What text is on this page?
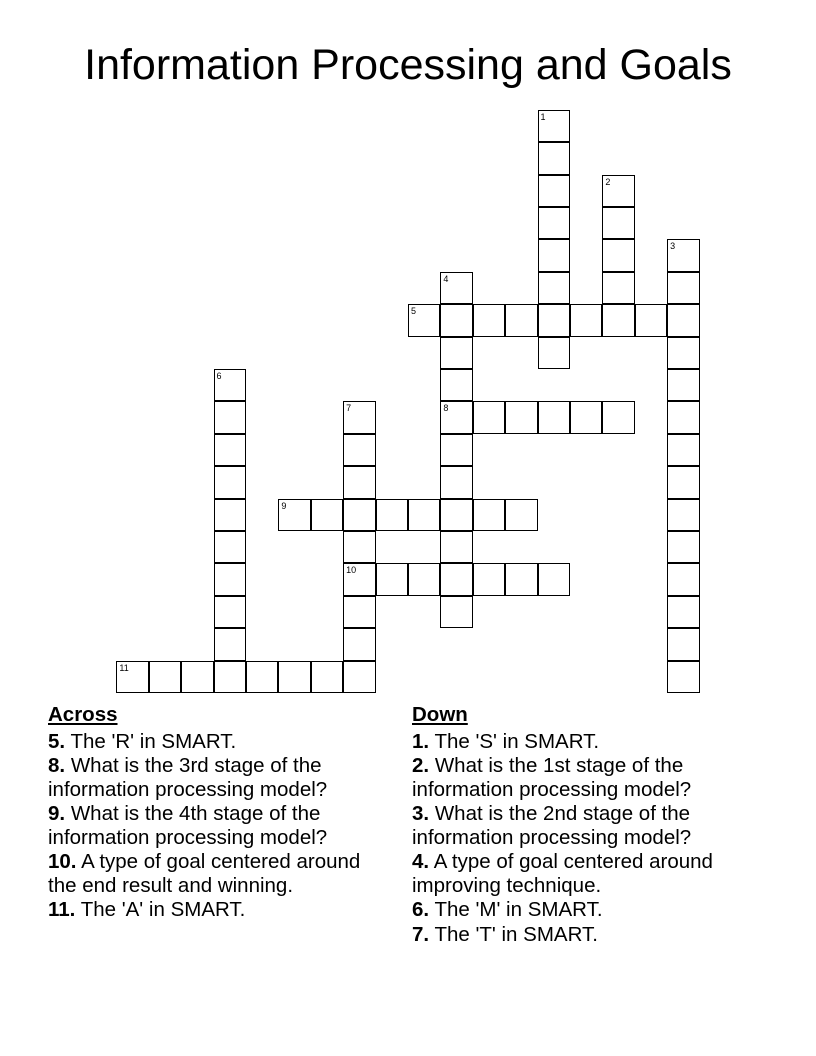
Information Processing and Goals
1
2
3
4
8
5
6
7
10
9
11
Across
5. The 'R' in SMART.
8. What is the 3rd stage of the information processing model?
9. What is the 4th stage of the information processing model?
10. A type of goal centered around the end result and winning.
11. The 'A' in SMART.
Down
1. The 'S' in SMART.
2. What is the 1st stage of the information processing model?
3. What is the 2nd stage of the information processing model?
4. A type of goal centered around improving technique.
6. The 'M' in SMART.
7. The 'T' in SMART.
